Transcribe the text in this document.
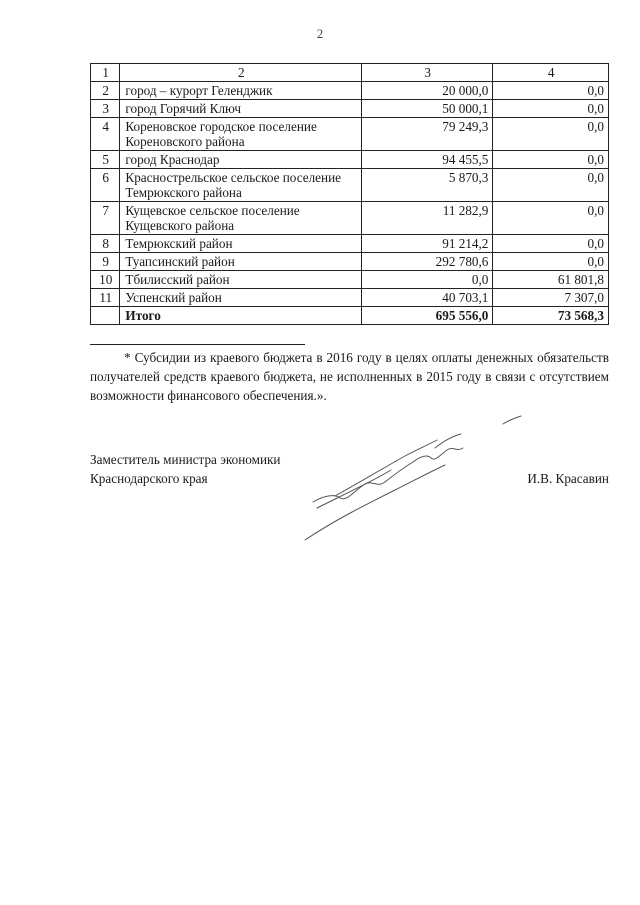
2
1	2	3	4
2	город – курорт Геленджик	20 000,0	0,0
3	город Горячий Ключ	50 000,1	0,0
4	Кореновское городское поселение Кореновского района	79 249,3	0,0
5	город Краснодар	94 455,5	0,0
6	Краснострельское сельское поселение Темрюкского района	5 870,3	0,0
7	Кущевское сельское поселение Кущевского района	11 282,9	0,0
8	Темрюкский район	91 214,2	0,0
9	Туапсинский район	292 780,6	0,0
10	Тбилисский район	0,0	61 801,8
11	Успенский район	40 703,1	7 307,0
	Итого	695 556,0	73 568,3

* Субсидии из краевого бюджета в 2016 году в целях оплаты денежных обязательств получателей средств краевого бюджета, не исполненных в 2015 году в связи с отсутствием возможности финансового обеспечения.».

Заместитель министра экономики
Краснодарского края	И.В. Красавин
